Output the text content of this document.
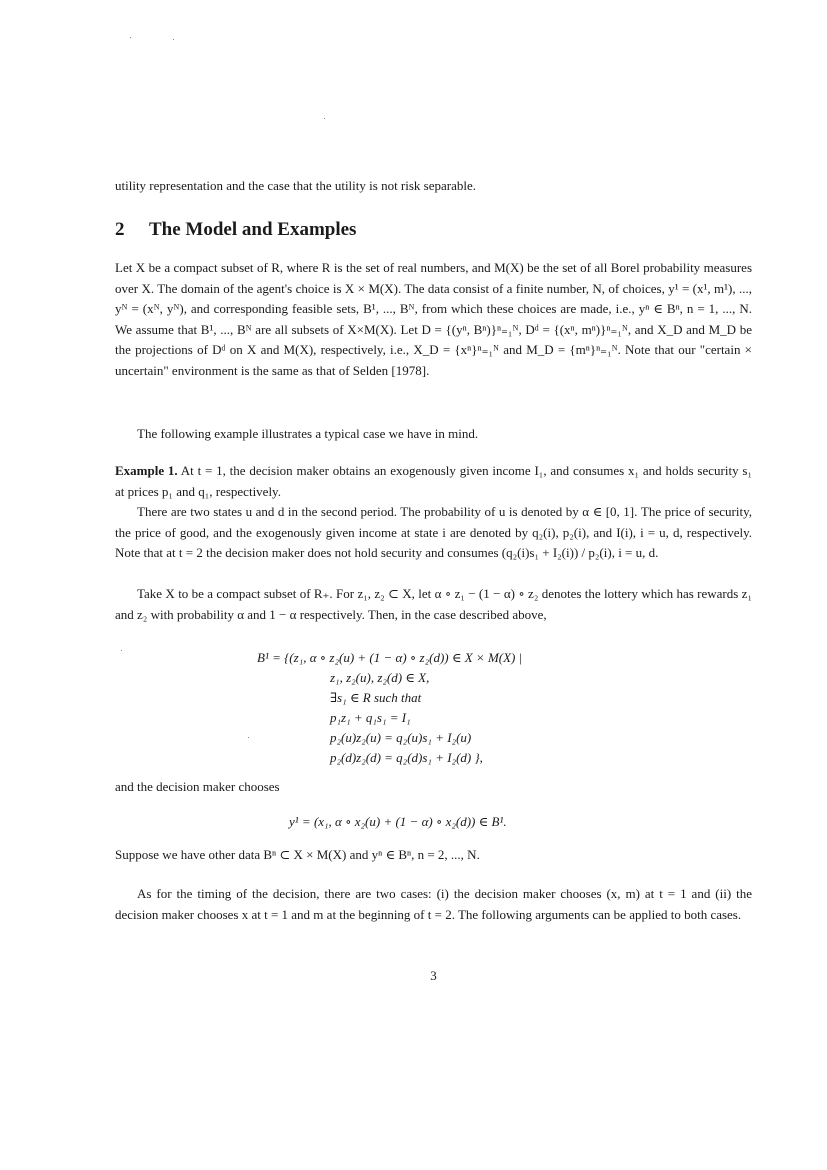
utility representation and the case that the utility is not risk separable.

2 The Model and Examples

Let X be a compact subset of R, where R is the set of real numbers, and M(X) be the set of all Borel probability measures over X. The domain of the agent's choice is X × M(X). The data consist of a finite number, N, of choices, y¹ = (x¹, m¹), ..., yᴺ = (xᴺ, yᴺ), and corresponding feasible sets, B¹, ..., Bᴺ, from which these choices are made, i.e., yⁿ ∈ Bⁿ, n = 1, ..., N. We assume that B¹, ..., Bᴺ are all subsets of X×M(X). Let D = {(yⁿ, Bⁿ)}ⁿ₌₁ᴺ, Dᵈ = {(xⁿ, mⁿ)}ⁿ₌₁ᴺ, and X_D and M_D be the projections of Dᵈ on X and M(X), respectively, i.e., X_D = {xⁿ}ⁿ₌₁ᴺ and M_D = {mⁿ}ⁿ₌₁ᴺ. Note that our "certain × uncertain" environment is the same as that of Selden [1978].

The following example illustrates a typical case we have in mind.

Example 1. At t = 1, the decision maker obtains an exogenously given income I₁, and consumes x₁ and holds security s₁ at prices p₁ and q₁, respectively.

There are two states u and d in the second period. The probability of u is denoted by α ∈ [0, 1]. The price of security, the price of good, and the exogenously given income at state i are denoted by q₂(i), p₂(i), and I(i), i = u, d, respectively. Note that at t = 2 the decision maker does not hold security and consumes (q₂(i)s₁ + I₂(i)) / p₂(i), i = u, d.

Take X to be a compact subset of R₊. For z₁, z₂ ⊂ X, let α ∘ z₁ − (1 − α) ∘ z₂ denotes the lottery which has rewards z₁ and z₂ with probability α and 1 − α respectively. Then, in the case described above,

B¹ = {(z₁, α ∘ z₂(u) + (1 − α) ∘ z₂(d)) ∈ X × M(X) |
z₁, z₂(u), z₂(d) ∈ X,
∃s₁ ∈ R such that
p₁z₁ + q₁s₁ = I₁
p₂(u)z₂(u) = q₂(u)s₁ + I₂(u)
p₂(d)z₂(d) = q₂(d)s₁ + I₂(d) },

and the decision maker chooses

y¹ = (x₁, α ∘ x₂(u) + (1 − α) ∘ x₂(d)) ∈ B¹.

Suppose we have other data Bⁿ ⊂ X × M(X) and yⁿ ∈ Bⁿ, n = 2, ..., N.

As for the timing of the decision, there are two cases: (i) the decision maker chooses (x, m) at t = 1 and (ii) the decision maker chooses x at t = 1 and m at the beginning of t = 2. The following arguments can be applied to both cases.

3
